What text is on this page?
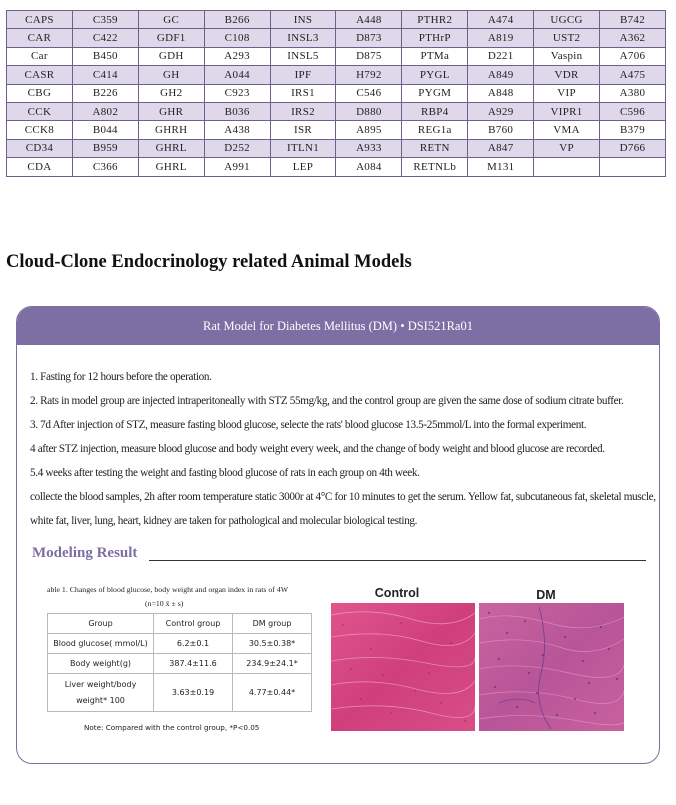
CAPS	C359	GC	B266	INS	A448	PTHR2	A474	UGCG	B742
CAR	C422	GDF1	C108	INSL3	D873	PTHrP	A819	UST2	A362
Car	B450	GDH	A293	INSL5	D875	PTMa	D221	Vaspin	A706
CASR	C414	GH	A044	IPF	H792	PYGL	A849	VDR	A475
CBG	B226	GH2	C923	IRS1	C546	PYGM	A848	VIP	A380
CCK	A802	GHR	B036	IRS2	D880	RBP4	A929	VIPR1	C596
CCK8	B044	GHRH	A438	ISR	A895	REG1a	B760	VMA	B379
CD34	B959	GHRL	D252	ITLN1	A933	RETN	A847	VP	D766
CDA	C366	GHRL	A991	LEP	A084	RETNLb	M131		
Cloud-Clone Endocrinology related Animal Models
Rat Model for Diabetes Mellitus (DM) • DSI521Ra01
1. Fasting for 12 hours before the operation.
2. Rats in model group are injected intraperitoneally with STZ 55mg/kg, and the control group are given the same dose of sodium citrate buffer.
3. 7d After injection of STZ, measure fasting blood glucose, selecte the rats' blood glucose 13.5-25mmol/L into the formal experiment.
4 after STZ injection, measure blood glucose and body weight every week, and the change of body weight and blood glucose are recorded.
5.4 weeks after testing the weight and fasting blood glucose of rats in each group on 4th week.
collecte the blood samples, 2h after room temperature static 3000r at 4°C for 10 minutes to get the serum. Yellow fat, subcutaneous fat, skeletal muscle, white fat, liver, lung, heart, kidney are taken for pathological and molecular biological testing.
Modeling Result
able 1. Changes of blood glucose, body weight and organ index in rats of 4W
(n=10 x̄ ± s)
Group	Control group	DM group
Blood glucose( mmol/L)	6.2±0.1	30.5±0.38*
Body weight(g)	387.4±11.6	234.9±24.1*
Liver weight/body weight* 100	3.63±0.19	4.77±0.44*
Note: Compared with the control group, *P<0.05
Control	DM
